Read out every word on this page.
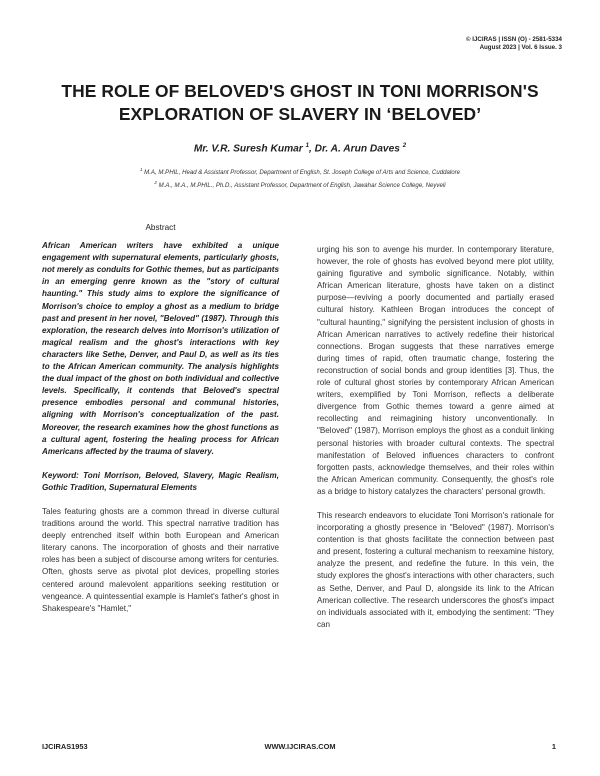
© IJCIRAS | ISSN (O) - 2581-5334
August 2023 | Vol. 6 Issue. 3
THE ROLE OF BELOVED'S GHOST IN TONI MORRISON'S EXPLORATION OF SLAVERY IN ‘BELOVED’
Mr. V.R. Suresh Kumar $^1$, Dr. A. Arun Daves $^2$
$^1$ M.A, M.PHIL, Head & Assistant Professor, Department of English, St. Joseph College of Arts and Science, Cuddalore
$^2$ M.A., M.A., M.PHIL., Ph.D., Assistant Professor, Department of English, Jawahar Science College, Neyveli
Abstract
African American writers have exhibited a unique engagement with supernatural elements, particularly ghosts, not merely as conduits for Gothic themes, but as participants in an emerging genre known as the "story of cultural haunting." This study aims to explore the significance of Morrison's choice to employ a ghost as a medium to bridge past and present in her novel, "Beloved" (1987). Through this exploration, the research delves into Morrison's utilization of magical realism and the ghost's interactions with key characters like Sethe, Denver, and Paul D, as well as its ties to the African American community. The analysis highlights the dual impact of the ghost on both individual and collective levels. Specifically, it contends that Beloved's spectral presence embodies personal and communal histories, aligning with Morrison's conceptualization of the past. Moreover, the research examines how the ghost functions as a cultural agent, fostering the healing process for African Americans affected by the trauma of slavery.
Keyword: Toni Morrison, Beloved, Slavery, Magic Realism, Gothic Tradition, Supernatural Elements

Tales featuring ghosts are a common thread in diverse cultural traditions around the world. This spectral narrative tradition has deeply entrenched itself within both European and American literary canons. The incorporation of ghosts and their narrative roles has been a subject of discourse among writers for centuries. Often, ghosts serve as pivotal plot devices, propelling stories centered around malevolent apparitions seeking restitution or vengeance. A quintessential example is Hamlet's father's ghost in Shakespeare's "Hamlet,"

urging his son to avenge his murder. In contemporary literature, however, the role of ghosts has evolved beyond mere plot utility, gaining figurative and symbolic significance. Notably, within African American literature, ghosts have taken on a distinct purpose—reviving a poorly documented and partially erased cultural history. Kathleen Brogan introduces the concept of "cultural haunting," signifying the persistent inclusion of ghosts in African American narratives to actively redefine their historical connections. Brogan suggests that these narratives emerge during times of rapid, often traumatic change, fostering the reconstruction of social bonds and group identities [3]. Thus, the role of cultural ghost stories by contemporary African American writers, exemplified by Toni Morrison, reflects a deliberate divergence from Gothic themes toward a genre aimed at recollecting and reimagining history unconventionally. In "Beloved" (1987), Morrison employs the ghost as a conduit linking personal histories with broader cultural contexts. The spectral manifestation of Beloved influences characters to confront forgotten pasts, acknowledge themselves, and their roles within the African American community. Consequently, the ghost's role as a bridge to history catalyzes the characters' personal growth.

This research endeavors to elucidate Toni Morrison's rationale for incorporating a ghostly presence in "Beloved" (1987). Morrison's contention is that ghosts facilitate the connection between past and present, fostering a cultural mechanism to reexamine history, analyze the present, and redefine the future. In this vein, the study explores the ghost's interactions with other characters, such as Sethe, Denver, and Paul D, alongside its link to the African American collective. The research underscores the ghost's impact on individuals associated with it, embodying the sentiment: "They can

IJCIRAS1953	WWW.IJCIRAS.COM	1
